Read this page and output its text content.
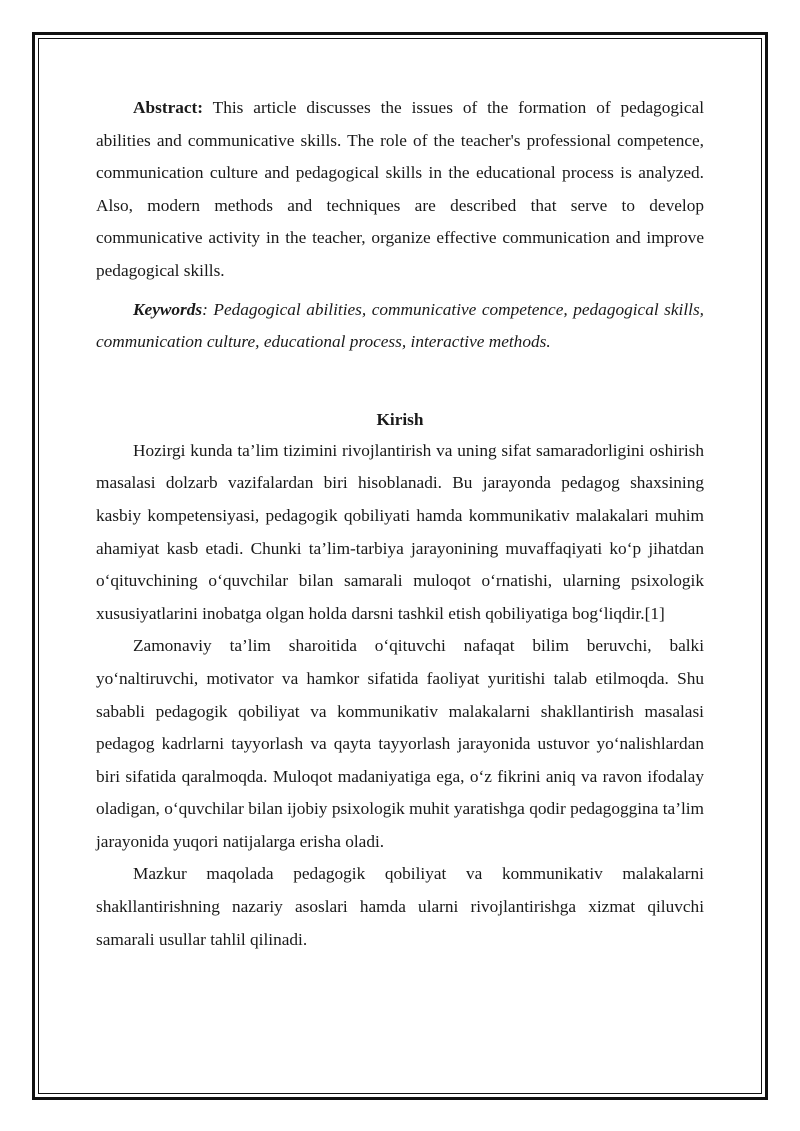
Abstract: This article discusses the issues of the formation of pedagogical abilities and communicative skills. The role of the teacher's professional competence, communication culture and pedagogical skills in the educational process is analyzed. Also, modern methods and techniques are described that serve to develop communicative activity in the teacher, organize effective communication and improve pedagogical skills.

Keywords: Pedagogical abilities, communicative competence, pedagogical skills, communication culture, educational process, interactive methods.

Kirish

Hozirgi kunda ta’lim tizimini rivojlantirish va uning sifat samaradorligini oshirish masalasi dolzarb vazifalardan biri hisoblanadi. Bu jarayonda pedagog shaxsining kasbiy kompetensiyasi, pedagogik qobiliyati hamda kommunikativ malakalari muhim ahamiyat kasb etadi. Chunki ta’lim-tarbiya jarayonining muvaffaqiyati ko‘p jihatdan o‘qituvchining o‘quvchilar bilan samarali muloqot o‘rnatishi, ularning psixologik xususiyatlarini inobatga olgan holda darsni tashkil etish qobiliyatiga bog‘liqdir.[1]

Zamonaviy ta’lim sharoitida o‘qituvchi nafaqat bilim beruvchi, balki yo‘naltiruvchi, motivator va hamkor sifatida faoliyat yuritishi talab etilmoqda. Shu sababli pedagogik qobiliyat va kommunikativ malakalarni shakllantirish masalasi pedagog kadrlarni tayyorlash va qayta tayyorlash jarayonida ustuvor yo‘nalishlardan biri sifatida qaralmoqda. Muloqot madaniyatiga ega, o‘z fikrini aniq va ravon ifodalay oladigan, o‘quvchilar bilan ijobiy psixologik muhit yaratishga qodir pedagoggina ta’lim jarayonida yuqori natijalarga erisha oladi.

Mazkur maqolada pedagogik qobiliyat va kommunikativ malakalarni shakllantirishning nazariy asoslari hamda ularni rivojlantirishga xizmat qiluvchi samarali usullar tahlil qilinadi.
